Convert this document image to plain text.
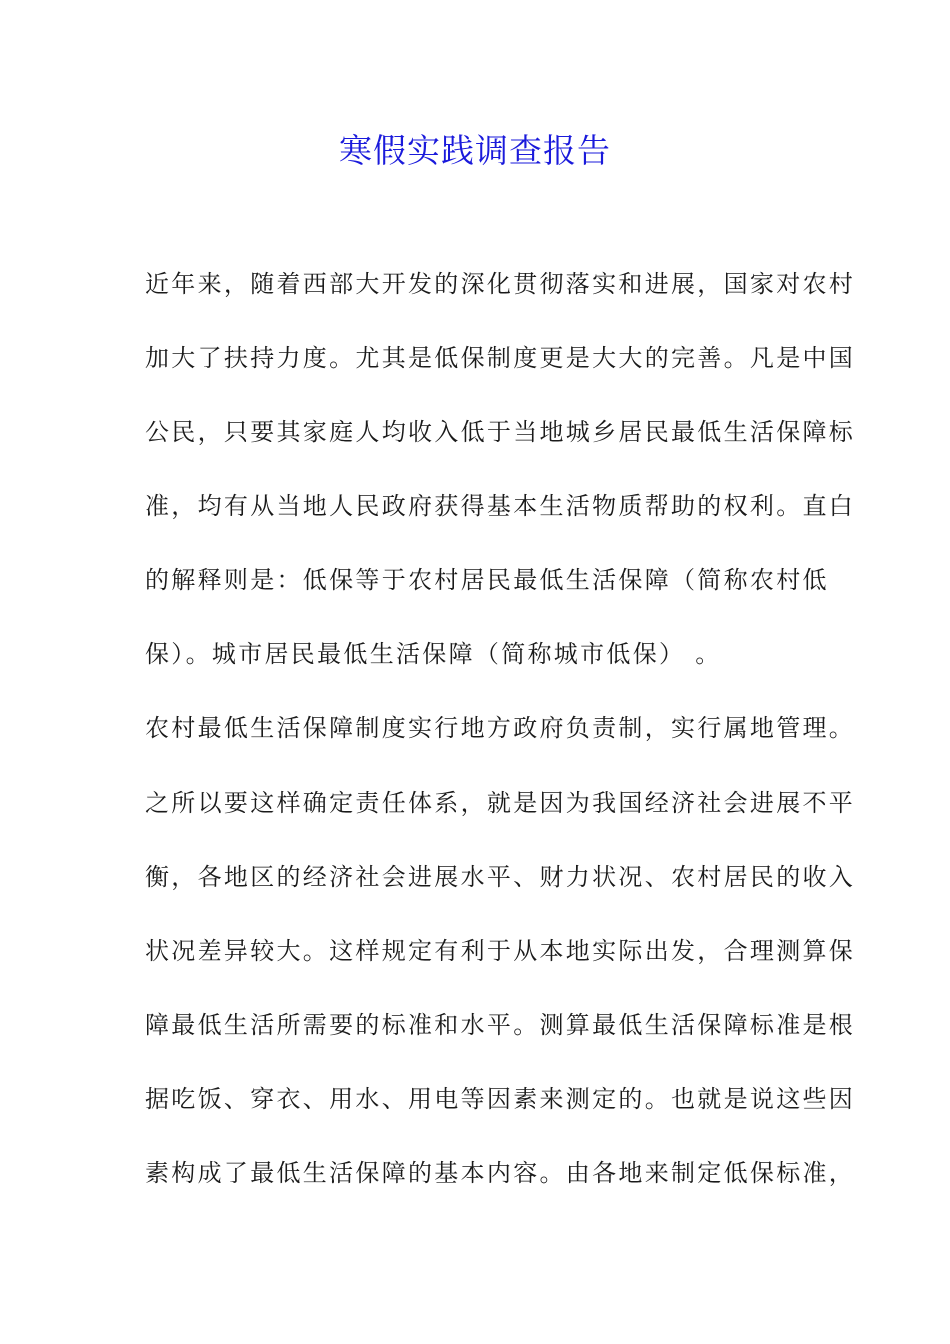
寒假实践调查报告
近年来，随着西部大开发的深化贯彻落实和进展，国家对农村
加大了扶持力度。尤其是低保制度更是大大的完善。凡是中国
公民，只要其家庭人均收入低于当地城乡居民最低生活保障标
准，均有从当地人民政府获得基本生活物质帮助的权利。直白
的解释则是：低保等于农村居民最低生活保障（简称农村低
保）。城市居民最低生活保障（简称城市低保） 。
农村最低生活保障制度实行地方政府负责制，实行属地管理。
之所以要这样确定责任体系，就是因为我国经济社会进展不平
衡，各地区的经济社会进展水平、财力状况、农村居民的收入
状况差异较大。这样规定有利于从本地实际出发，合理测算保
障最低生活所需要的标准和水平。测算最低生活保障标准是根
据吃饭、穿衣、用水、用电等因素来测定的。也就是说这些因
素构成了最低生活保障的基本内容。由各地来制定低保标准，
